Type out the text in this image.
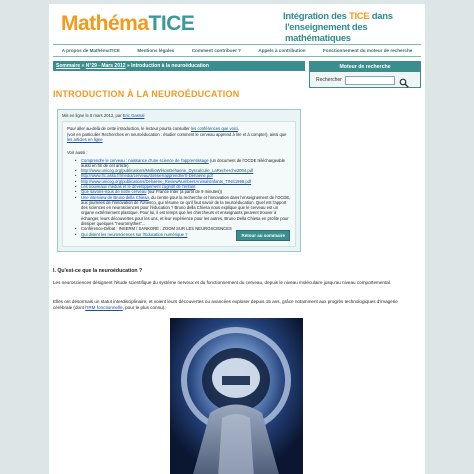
MathémaTICE	Intégration des TICE dans
l'enseignement des mathématiques
A propos de MathémaTICE	Mentions légales	Comment contribuer ?	Appels à contribution	Fonctionnement du moteur de recherche
Sommaire » N°29 - Mars 2012 » Introduction à la neuroéducation	Moteur de recherche
Rechercher
INTRODUCTION À LA NEUROÉDUCATION
Mis en ligne le 8 mars 2012, par Eric Gasnal
Pour aller au-delà de cette introduction, le lecteur pourra consulter les conférences que voici,
(voir en particulier Recherches en neuroéducation : étudier comment le cerveau apprend à lire et à compter), ainsi que les articles en ligne
Voir aussi :
• Comprendre le cerveau : naissance d'une science de l'apprentissage (un document de l'OCDE téléchargeable aussi en fin de cet article)
• http://www.unicog.org/publications/MolkoWilsonDehaene_Dyscalculie_LaRecherche2004.pdf
• http://www.frc.asso.fr/media/cerveau/dossier/apprendre/S-Dehaene.pdf
• http://www.unicog.org/publications/Dehaene_ReviewNumbersAnimalsInfants_TINS1998.pdf
• Les nouveaux médias et le développement cognitif de l'enfant
• Que savons-nous de notre cerveau (sur France Inter (à partir de 9 minutes))
• Une interview de Bruno della Chiesa, du centre pour la recherche et l'innovation dans l'enseignement de l'OCDE, aux journées de l'innovation de l'Unesco, qui résume ce qu'il faut savoir de la neuroéducation. Quel est l'apport des sciences en neurosciences pour l'éducation ? Bruno della Chiesa nous explique que le cerveau est un organe extrêmement plastique. Pour lui, il est temps que les chercheurs et enseignants peuvent trouver à échanger, leurs découvertes pour les uns, et leur expérience pour les autres. Bruno Della Chiesa en profite pour dissiper quelques "neuromythes"...
• Conférence-Débat : INSERM / SANKORE : ZOOM SUR LES NEUROSCIENCES
• Qui disent les neurosciences sur l'Education numérique ?	Retour au sommaire
I. Qu'est-ce que la neuroéducation ?
Les neurosciences désignent l'étude scientifique du système nerveux et du fonctionnement du cerveau, depuis le niveau moléculaire jusqu'au niveau comportemental.
Elles ont désormais un statut interdisciplinaire, et voient leurs découvertes ou avancées exploser depuis 15 ans, grâce notamment aux progrès technologiques d'imagerie cérébrale (dont l'IRM fonctionnelle, pour le plus connu).
